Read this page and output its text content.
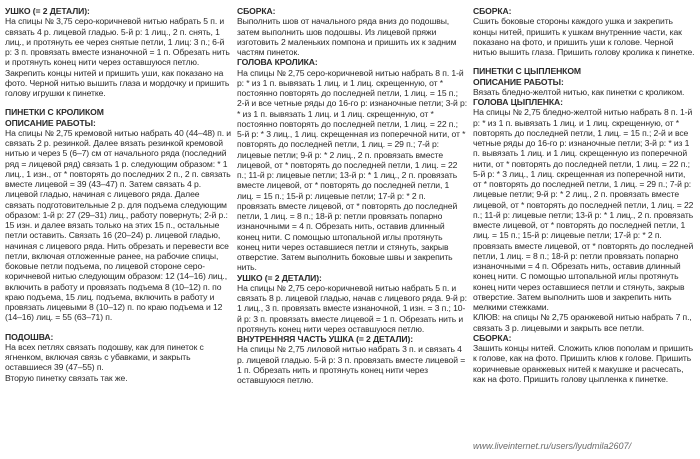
УШКО (= 2 ДЕТАЛИ):

На спицы № 3,75 серо-коричневой нитью набрать 5 п. и связать 4 р. лицевой гладью. 5-й р: 1 лиц., 2 п. снять, 1 лиц., и протянуть ее через снятые петли, 1 лиц: 3 п.; 6-й р: 3 п. провязать вместе изнаночной = 1 п. Обрезать нить и протянуть конец нити через оставшуюся петлю.

Закрепить концы нитей и пришить уши, как показано на фото. Черной нитью вышить глаза и мордочку и пришить голову игрушки к пинетке.

ПИНЕТКИ С КРОЛИКОМ

ОПИСАНИЕ РАБОТЫ:

На спицы № 2,75 кремовой нитью набрать 40 (44–48) п. и связать 2 р. резинкой. Далее вязать резинкой кремовой нитью и через 5 (6–7) см от начального ряда (последний ряд = лицевой ряд) связать 1 р. следующим образом: * 1 лиц., 1 изн., от * повторять до последних 2 п., 2 п. связать вместе лицевой = 39 (43–47) п. Затем связать 4 р. лицевой гладью, начиная с лицевого ряда. Далее связать подготовительные 2 р. для подъема следующим образом: 1-й р: 27 (29–31) лиц., работу повернуть; 2-й р.: 15 изн. и далее вязать только на этих 15 п., остальные петли оставить. Связать 16 (20–24) р. лицевой гладью, начиная с лицевого ряда. Нить обрезать и перевести все петли, включая отложенные ранее, на рабочие спицы, боковые петли подъема, по лицевой стороне серо-коричневой нитью следующим образом: 12 (14–16) лиц., включить в работу и провязать подъема 8 (10–12) п. по краю подъема, 15 лиц. подъема, включить в работу и провязать лицевыми 8 (10–12) п. по краю подъема и 12 (14–16) лиц. = 55 (63–71) п.

ПОДОШВА:

На всех петлях связать подошву, как для пинеток с ягненком, включая связь с убавками, и закрыть оставшиеся 39 (47–55) п.

Вторую пинетку связать так же.

СБОРКА:

Выполнить шов от начального ряда вниз до подошвы, затем выполнить шов подошвы. Из лицевой пряжи изготовить 2 маленьких помпона и пришить их к задним частям пинеток.

ГОЛОВА КРОЛИКА:

На спицы № 2,75 серо-коричневой нитью набрать 8 п. 1-й р: * из 1 п. вывязать 1 лиц. и 1 лиц. скрещенную, от * постоянно повторять до последней петли, 1 лиц. = 15 п.; 2-й и все четные ряды до 16-го р: изнаночные петли; 3-й р: * из 1 п. вывязать 1 лиц. и 1 лиц. скрещенную, от * постоянно повторять до последней петли, 1 лиц. = 22 п.; 5-й р: * 3 лиц., 1 лиц. скрещенная из поперечной нити, от * повторять до последней петли, 1 лиц. = 29 п.; 7-й р: лицевые петли; 9-й р: * 2 лиц., 2 п. провязать вместе лицевой, от * повторять до последней петли, 1 лиц. = 22 п.; 11-й р: лицевые петли; 13-й р: * 1 лиц., 2 п. провязать вместе лицевой, от * повторять до последней петли, 1 лиц. = 15 п.; 15-й р: лицевые петли; 17-й р: * 2 п. провязать вместе лицевой, от * повторять до последней петли, 1 лиц. = 8 п.; 18-й р: петли провязать попарно изнаночными = 4 п. Обрезать нить, оставив длинный конец нити. С помощью штопальной иглы протянуть конец нити через оставшиеся петли и стянуть, закрыв отверстие. Затем выполнить боковые швы и закрепить нить.

УШКО (= 2 ДЕТАЛИ):

На спицы № 2,75 серо-коричневой нитью набрать 5 п. и связать 8 р. лицевой гладью, начав с лицевого ряда. 9-й р: 1 лиц., 3 п. провязать вместе изнаночной, 1 изн. = 3 п.; 10-й р: 3 п. провязать вместе лицевой = 1 п. Обрезать нить и протянуть конец нити через оставшуюся петлю.

ВНУТРЕННЯЯ ЧАСТЬ УШКА (= 2 ДЕТАЛИ):

На спицы № 2,75 лиловой нитью набрать 3 п. и связать 4 р. лицевой гладью. 5-й р: 3 п. провязать вместе лицевой = 1 п. Обрезать нить и протянуть конец нити через оставшуюся петлю.

СБОРКА:

Сшить боковые стороны каждого ушка и закрепить концы нитей, пришить к ушкам внутренние части, как показано на фото, и пришить уши к голове. Черной нитью вышить глаза. Пришить голову кролика к пинетке.

ПИНЕТКИ С ЦЫПЛЕНКОМ

ОПИСАНИЕ РАБОТЫ:

Вязать бледно-желтой нитью, как пинетки с кроликом.

ГОЛОВА ЦЫПЛЕНКА:

На спицы № 2,75 бледно-желтой нитью набрать 8 п. 1-й р: * из 1 п. вывязать 1 лиц. и 1 лиц. скрещенную, от * повторять до последней петли, 1 лиц. = 15 п.; 2-й и все четные ряды до 16-го р: изнаночные петли; 3-й р: * из 1 п. вывязать 1 лиц. и 1 лиц. скрещенную из поперечной нити, от * повторять до последней петли, 1 лиц. = 22 п.; 5-й р: * 3 лиц., 1 лиц. скрещенная из поперечной нити, от * повторять до последней петли, 1 лиц. = 29 п.; 7-й р: лицевые петли; 9-й р: * 2 лиц., 2 п. провязать вместе лицевой, от * повторять до последней петли, 1 лиц. = 22 п.; 11-й р: лицевые петли; 13-й р: * 1 лиц., 2 п. провязать вместе лицевой, от * повторять до последней петли, 1 лиц. = 15 п.; 15-й р: лицевые петли; 17-й р: * 2 п. провязать вместе лицевой, от * повторять до последней петли, 1 лиц. = 8 п.; 18-й р: петли провязать попарно изнаночными = 4 п. Обрезать нить, оставив длинный конец нити. С помощью штопальной иглы протянуть конец нити через оставшиеся петли и стянуть, закрыв отверстие. Затем выполнить шов и закрепить нить мелкими стежками.

КЛЮВ: на спицы № 2,75 оранжевой нитью набрать 7 п., связать 3 р. лицевыми и закрыть все петли.

СБОРКА:

Зашить концы нитей. Сложить клюв пополам и пришить к голове, как на фото. Пришить клюв к голове. Пришить коричневые оранжевых нитей к макушке и расчесать, как на фото. Пришить голову цыпленка к пинетке.

www.liveinternet.ru/users/lyudmila2607/
